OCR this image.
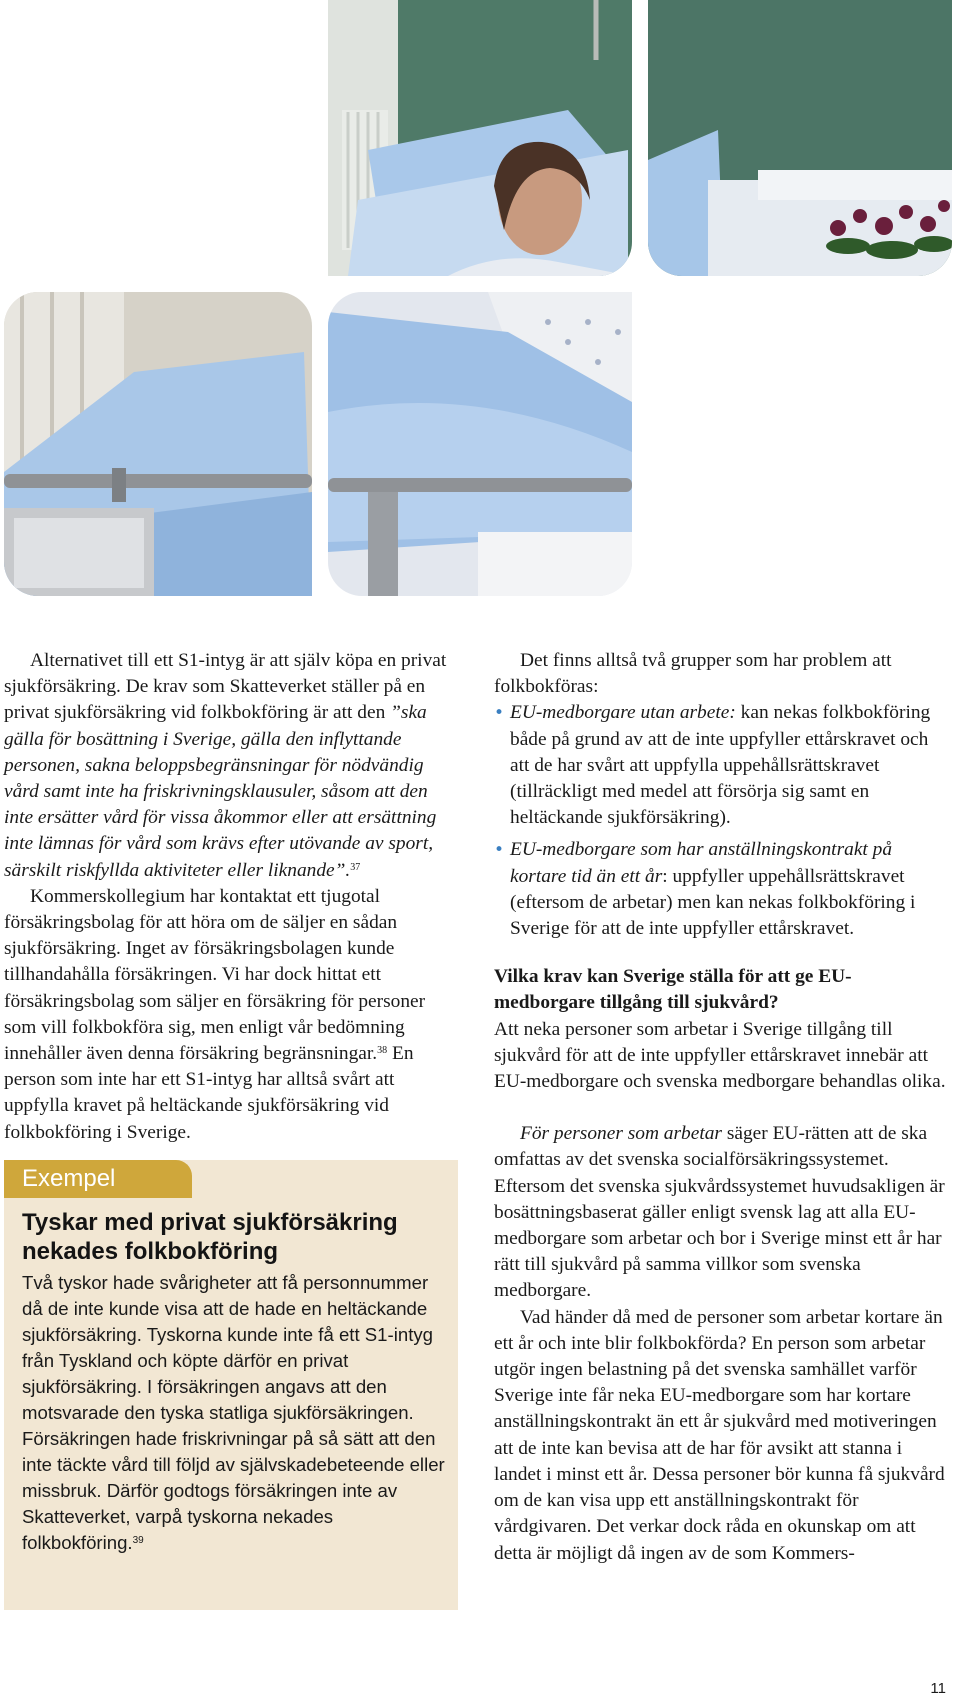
Alternativet till ett S1-intyg är att själv köpa en privat sjukförsäkring. De krav som Skatteverket ställer på en privat sjukförsäkring vid folkbokföring är att den ”ska gälla för bosättning i Sverige, gälla den inflyttande personen, sakna beloppsbegränsningar för nödvändig vård samt inte ha friskrivningsklausuler, såsom att den inte ersätter vård för vissa åkommor eller att ersättning inte lämnas för vård som krävs efter utövande av sport, särskilt riskfyllda aktiviteter eller liknande”.$^{37}$

Kommerskollegium har kontaktat ett tjugotal försäkringsbolag för att höra om de säljer en sådan sjukförsäkring. Inget av försäkringsbolagen kunde tillhandahålla försäkringen. Vi har dock hittat ett försäkringsbolag som säljer en försäkring för personer som vill folkbokföra sig, men enligt vår bedömning innehåller även denna försäkring begränsningar.$^{38}$ En person som inte har ett S1-intyg har alltså svårt att uppfylla kravet på heltäckande sjukförsäkring vid folkbokföring i Sverige.

Exempel
Tyskar med privat sjukförsäkring nekades folkbokföring

Två tyskor hade svårigheter att få personnummer då de inte kunde visa att de hade en heltäckande sjukförsäkring. Tyskorna kunde inte få ett S1-intyg från Tyskland och köpte därför en privat sjukförsäkring. I försäkringen angavs att den motsvarade den tyska statliga sjukförsäkringen. Försäkringen hade friskrivningar på så sätt att den inte täckte vård till följd av självskadebeteende eller missbruk. Därför godtogs försäkringen inte av Skatteverket, varpå tyskorna nekades folkbokföring.$^{39}$

Det finns alltså två grupper som har problem att folkbokföras:

• EU-medborgare utan arbete: kan nekas folkbokföring både på grund av att de inte uppfyller ettårskravet och att de har svårt att uppfylla uppehållsrättskravet (tillräckligt med medel att försörja sig samt en heltäckande sjukförsäkring).
• EU-medborgare som har anställningskontrakt på kortare tid än ett år: uppfyller uppehållsrättskravet (eftersom de arbetar) men kan nekas folkbokföring i Sverige för att de inte uppfyller ettårskravet.
Vilka krav kan Sverige ställa för att ge EU-medborgare tillgång till sjukvård?

Att neka personer som arbetar i Sverige tillgång till sjukvård för att de inte uppfyller ettårskravet innebär att EU-medborgare och svenska medborgare behandlas olika.

För personer som arbetar säger EU-rätten att de ska omfattas av det svenska socialförsäkringssystemet. Eftersom det svenska sjukvårdssystemet huvudsakligen är bosättningsbaserat gäller enligt svensk lag att alla EU-medborgare som arbetar och bor i Sverige minst ett år har rätt till sjukvård på samma villkor som svenska medborgare.

Vad händer då med de personer som arbetar kortare än ett år och inte blir folkbokförda? En person som arbetar utgör ingen belastning på det svenska samhället varför Sverige inte får neka EU-medborgare som har kortare anställningskontrakt än ett år sjukvård med motiveringen att de inte kan bevisa att de har för avsikt att stanna i landet i minst ett år. Dessa personer bör kunna få sjukvård om de kan visa upp ett anställningskontrakt för vårdgivaren. Det verkar dock råda en okunskap om att detta är möjligt då ingen av de som Kommers-

11
